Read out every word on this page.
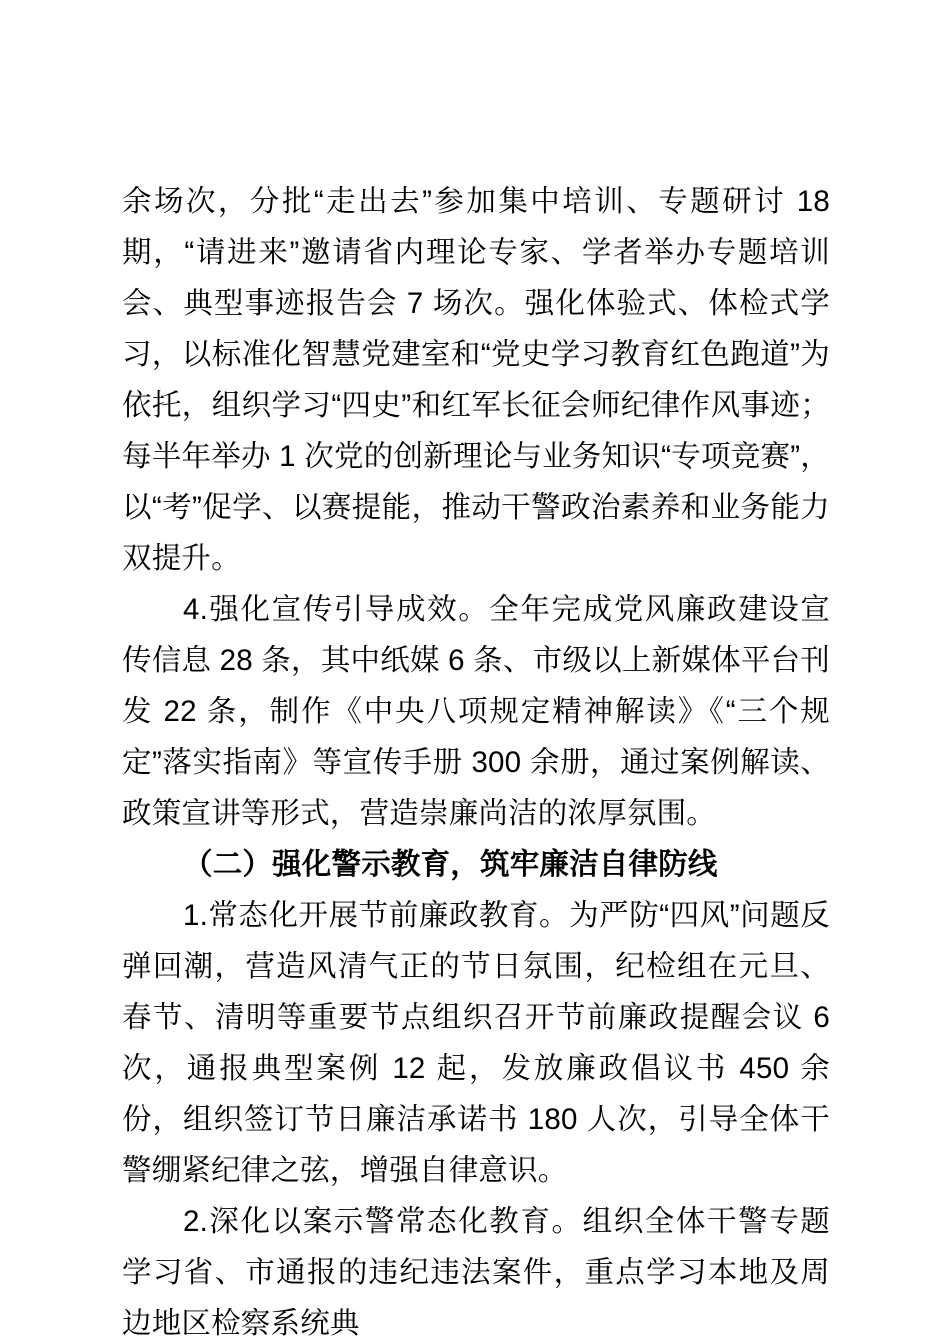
余场次，分批“走出去”参加集中培训、专题研讨 18 期，“请进来”邀请省内理论专家、学者举办专题培训会、典型事迹报告会 7 场次。强化体验式、体检式学习，以标准化智慧党建室和“党史学习教育红色跑道”为依托，组织学习“四史”和红军长征会师纪律作风事迹；每半年举办 1 次党的创新理论与业务知识“专项竞赛”，以“考”促学、以赛提能，推动干警政治素养和业务能力双提升。

4.强化宣传引导成效。全年完成党风廉政建设宣传信息 28 条，其中纸媒 6 条、市级以上新媒体平台刊发 22 条，制作《中央八项规定精神解读》《“三个规定”落实指南》等宣传手册 300 余册，通过案例解读、政策宣讲等形式，营造崇廉尚洁的浓厚氛围。

（二）强化警示教育，筑牢廉洁自律防线

1.常态化开展节前廉政教育。为严防“四风”问题反弹回潮，营造风清气正的节日氛围，纪检组在元旦、春节、清明等重要节点组织召开节前廉政提醒会议 6 次，通报典型案例 12 起，发放廉政倡议书 450 余份，组织签订节日廉洁承诺书 180 人次，引导全体干警绷紧纪律之弦，增强自律意识。

2.深化以案示警常态化教育。组织全体干警专题学习省、市通报的违纪违法案件，重点学习本地及周边地区检察系统典
